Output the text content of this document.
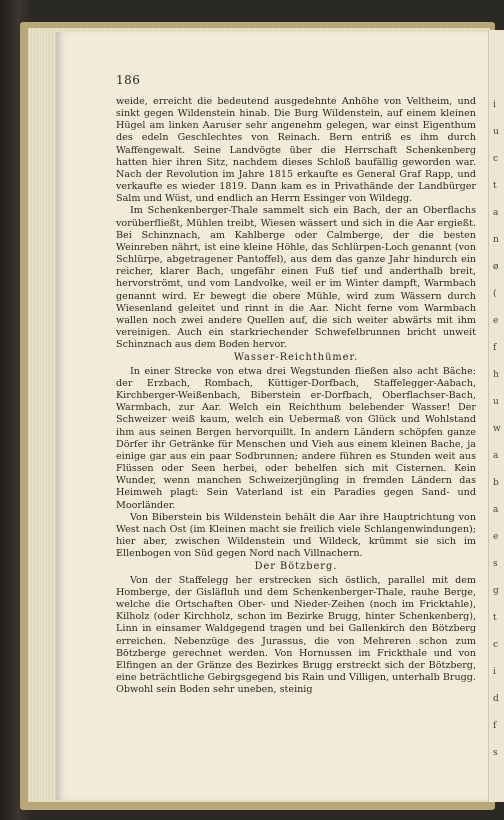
i
u
c
t
a
n
ø
(
e
f
h
u
w
a
b
a
e
s
g
t
c
i
d
f
s
186

weide, erreicht die bedeutend ausgedehnte Anhöhe von Veltheim, und sinkt gegen Wildenstein hinab. Die Burg Wildenstein, auf einem kleinen Hügel am linken Aaruser sehr angenehm gelegen, war einst Eigenthum des edeln Geschlechtes von Reinach. Bern entriß es ihm durch Waffengewalt. Seine Landvögte über die Herrschaft Schenkenberg hatten hier ihren Sitz, nachdem dieses Schloß baufällig geworden war. Nach der Revolution im Jahre 1815 erkaufte es General Graf Rapp, und verkaufte es wieder 1819. Dann kam es in Privathände der Landbürger Salm und Wüst, und endlich an Herrn Essinger von Wildegg.

Im Schenkenberger-Thale sammelt sich ein Bach, der an Oberflachs vorüberfließt, Mühlen treibt, Wiesen wässert und sich in die Aar ergießt. Bei Schinznach, am Kahlberge oder Calmberge, der die besten Weinreben nährt, ist eine kleine Höhle, das Schlürpen-Loch genannt (von Schlürpe, abgetragener Pantoffel), aus dem das ganze Jahr hindurch ein reicher, klarer Bach, ungefähr einen Fuß tief und anderthalb breit, hervorströmt, und vom Landvolke, weil er im Winter dampft, Warmbach genannt wird. Er bewegt die obere Mühle, wird zum Wässern durch Wiesenland geleitet und rinnt in die Aar. Nicht ferne vom Warmbach wallen noch zwei andere Quellen auf, die sich weiter abwärts mit ihm vereinigen. Auch ein starkriechender Schwefelbrunnen bricht unweit Schinznach aus dem Boden hervor.

Wasser-Reichthümer.

In einer Strecke von etwa drei Wegstunden fließen also acht Bäche: der Erzbach, Rombach, Küttiger-Dorfbach, Staffelegger-Aabach, Kirchberger-Weißenbach, Biberstein er-Dorfbach, Oberflachser-Bach, Warmbach, zur Aar. Welch ein Reichthum belebender Wasser! Der Schweizer weiß kaum, welch ein Uebermaß von Glück und Wohlstand ihm aus seinen Bergen hervorquillt. In andern Ländern schöpfen ganze Dörfer ihr Getränke für Menschen und Vieh aus einem kleinen Bache, ja einige gar aus ein paar Sodbrunnen; andere führen es Stunden weit aus Flüssen oder Seen herbei, oder behelfen sich mit Cisternen. Kein Wunder, wenn manchen Schweizerjüngling in fremden Ländern das Heimweh plagt: Sein Vaterland ist ein Paradies gegen Sand- und Moorländer.

Von Biberstein bis Wildenstein behält die Aar ihre Hauptrichtung von West nach Ost (im Kleinen macht sie freilich viele Schlangenwindungen); hier aber, zwischen Wildenstein und Wildeck, krümmt sie sich im Ellenbogen von Süd gegen Nord nach Villnachern.

Der Bötzberg.

Von der Staffelegg her erstrecken sich östlich, parallel mit dem Homberge, der Gisläfluh und dem Schenkenberger-Thale, rauhe Berge, welche die Ortschaften Ober- und Nieder-Zeihen (noch im Fricktahle), Kilholz (oder Kirchholz, schon im Bezirke Brugg, hinter Schenkenberg), Linn in einsamer Waldgegend tragen und bei Gallenkirch den Bötzberg erreichen. Nebenzüge des Jurassus, die von Mehreren schon zum Bötzberge gerechnet werden. Von Hornussen im Frickthale und von Elfingen an der Gränze des Bezirkes Brugg erstreckt sich der Bötzberg, eine beträchtliche Gebirgsgegend bis Rain und Villigen, unterhalb Brugg. Obwohl sein Boden sehr uneben, steinig
